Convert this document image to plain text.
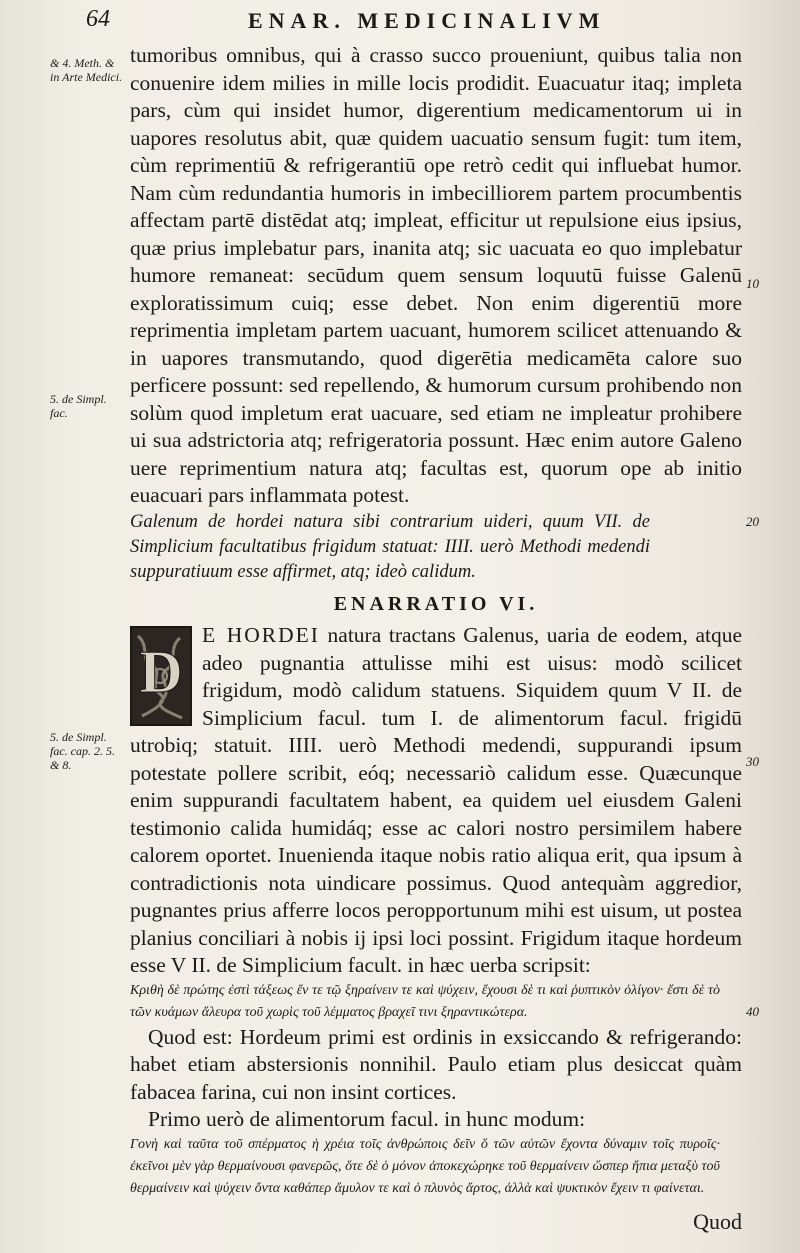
64	ENAR. MEDICINALIVM
& 4. Meth. & in Arte Medici.
5. de Simpl. fac.
5. de Simpl. fac. cap. 2. 5. & 8.
10
20
30
40

tumoribus omnibus, qui à crasso succo proueniunt, quibus talia non conuenire idem milies in mille locis prodidit. Euacuatur itaq; impleta pars, cùm qui insidet humor, digerentium medicamentorum ui in uapores resolutus abit, quæ quidem uacuatio sensum fugit: tum item, cùm reprimentiū & refrigerantiū ope retrò cedit qui influebat humor. Nam cùm redundantia humoris in imbecilliorem partem procumbentis affectam partē distēdat atq; impleat, efficitur ut repulsione eius ipsius, quæ prius implebatur pars, inanita atq; sic uacuata eo quo implebatur humore remaneat: secūdum quem sensum loquutū fuisse Galenū exploratissimum cuiq; esse debet. Non enim digerentiū more reprimentia impletam partem uacuant, humorem scilicet attenuando & in uapores transmutando, quod digerētia medicamēta calore suo perficere possunt: sed repellendo, & humorum cursum prohibendo non solùm quod impletum erat uacuare, sed etiam ne impleatur prohibere ui sua adstrictoria atq; refrigeratoria possunt. Hæc enim autore Galeno uere reprimentium natura atq; facultas est, quorum ope ab initio euacuari pars inflammata potest.

Galenum de hordei natura sibi contrarium uideri, quum VII. de Simplicium facultatibus frigidum statuat: IIII. uerò Methodi medendi suppuratiuum esse affirmet, atq; ideò calidum.

ENARRATIO VI.
D

E HORDEI natura tractans Galenus, uaria de eodem, atque adeo pugnantia attulisse mihi est uisus: modò scilicet frigidum, modò calidum statuens. Siquidem quum V II. de Simplicium facul. tum I. de alimentorum facul. frigidū utrobiq; statuit. IIII. uerò Methodi medendi, suppurandi ipsum potestate pollere scribit, eóq; necessariò calidum esse. Quæcunque enim suppurandi facultatem habent, ea quidem uel eiusdem Galeni testimonio calida humidáq; esse ac calori nostro persimilem habere calorem oportet. Inuenienda itaque nobis ratio aliqua erit, qua ipsum à contradictionis nota uindicare possimus. Quod antequàm aggredior, pugnantes prius afferre locos peropportunum mihi est uisum, ut postea planius conciliari à nobis ij ipsi loci possint. Frigidum itaque hordeum esse V II. de Simplicium facult. in hæc uerba scripsit:

Κριθὴ δὲ πρώτης ἐστὶ τάξεως ἔν τε τῷ ξηραίνειν τε καὶ ψύχειν, ἔχουσι δὲ τι καὶ ῥυπτικὸν ὀλίγον· ἔστι δὲ τὸ τῶν κυάμων ἄλευρα τοῦ χωρὶς τοῦ λέμματος βραχεῖ τινι ξηραντικώτερα.

Quod est: Hordeum primi est ordinis in exsiccando & refrigerando: habet etiam abstersionis nonnihil. Paulo etiam plus desiccat quàm fabacea farina, cui non insint cortices.

Primo uerò de alimentorum facul. in hunc modum:

Γονὴ καὶ ταῦτα τοῦ σπέρματος ἡ χρέια τοῖς ἀνθρώποις δεῖν ὅ τῶν αὐτῶν ἔχοντα δύναμιν τοῖς πυροῖς· ἐκεῖνοι μὲν γὰρ θερμαίνουσι φανερῶς, ὅτε δὲ ὁ μόνον ἀποκεχώρηκε τοῦ θερμαίνειν ὥσπερ ἤπια μεταξὺ τοῦ θερμαίνειν καὶ ψύχειν ὄντα καθάπερ ἄμυλον τε καὶ ὁ πλυνὸς ἄρτος, ἀλλὰ καὶ ψυκτικὸν ἔχειν τι φαίνεται.

Quod
